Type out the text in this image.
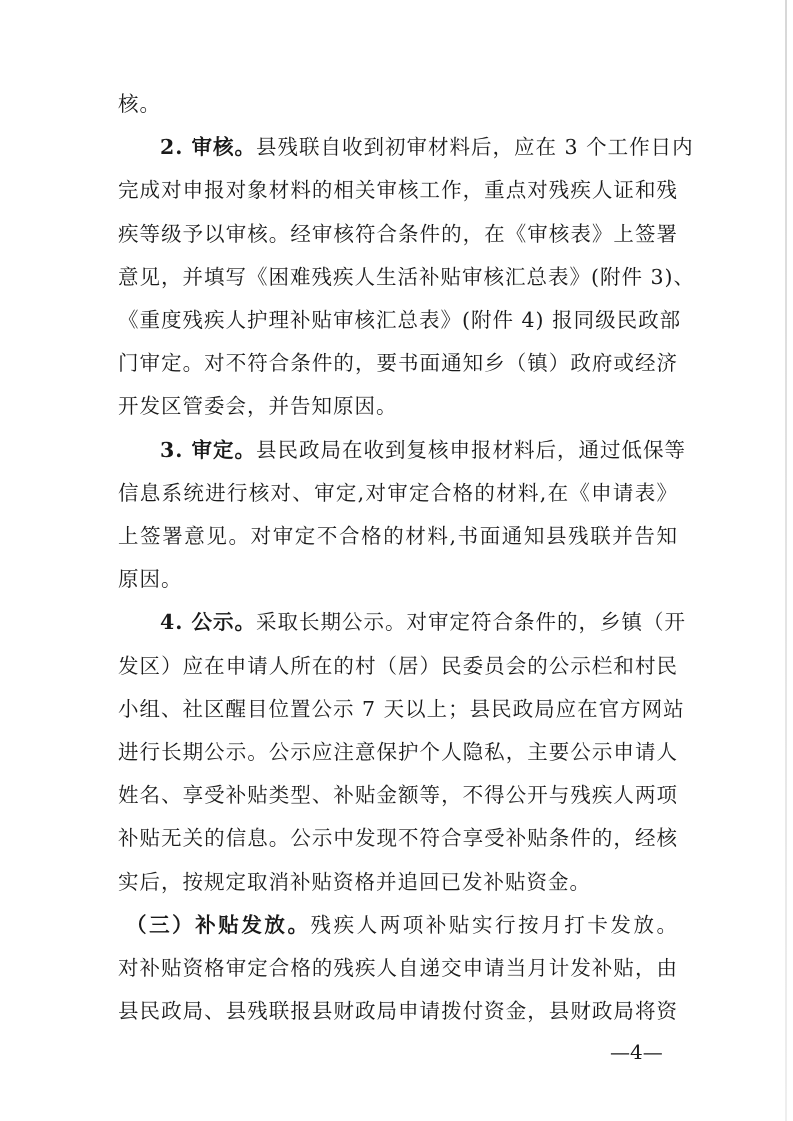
核。
2. 审核。县残联自收到初审材料后，应在 3 个工作日内
完成对申报对象材料的相关审核工作，重点对残疾人证和残
疾等级予以审核。经审核符合条件的，在《审核表》上签署
意见，并填写《困难残疾人生活补贴审核汇总表》(附件 3)、
《重度残疾人护理补贴审核汇总表》(附件 4) 报同级民政部
门审定。对不符合条件的，要书面通知乡（镇）政府或经济
开发区管委会，并告知原因。
3. 审定。县民政局在收到复核申报材料后，通过低保等
信息系统进行核对、审定,对审定合格的材料,在《申请表》
上签署意见。对审定不合格的材料,书面通知县残联并告知
原因。
4. 公示。采取长期公示。对审定符合条件的，乡镇（开
发区）应在申请人所在的村（居）民委员会的公示栏和村民
小组、社区醒目位置公示 7 天以上；县民政局应在官方网站
进行长期公示。公示应注意保护个人隐私，主要公示申请人
姓名、享受补贴类型、补贴金额等，不得公开与残疾人两项
补贴无关的信息。公示中发现不符合享受补贴条件的，经核
实后，按规定取消补贴资格并追回已发补贴资金。
（三）补贴发放。残疾人两项补贴实行按月打卡发放。
—4—
对补贴资格审定合格的残疾人自递交申请当月计发补贴，由
县民政局、县残联报县财政局申请拨付资金，县财政局将资
